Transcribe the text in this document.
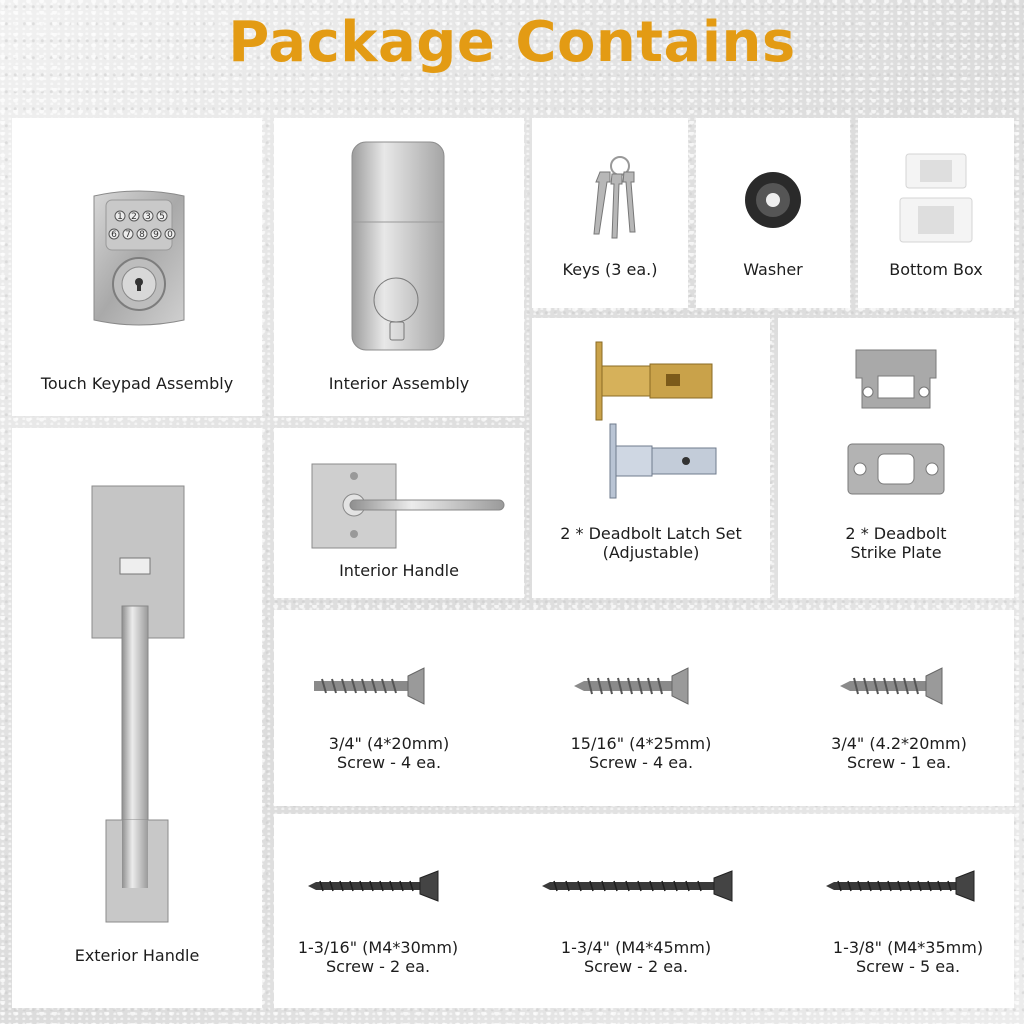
Package Contains
1 2 3 5
6 7 8 9 0
Touch Keypad Assembly	Interior Assembly
Keys (3 ea.)	Washer	Bottom Box
2 * Deadbolt Latch Set
(Adjustable)
2 * Deadbolt
Strike Plate
Exterior Handle
Interior Handle
3/4" (4*20mm)
Screw - 4 ea.
15/16" (4*25mm)
Screw - 4 ea.
3/4" (4.2*20mm)
Screw - 1 ea.
1-3/16" (M4*30mm)
Screw - 2 ea.
1-3/4" (M4*45mm)
Screw - 2 ea.
1-3/8" (M4*35mm)
Screw - 5 ea.
